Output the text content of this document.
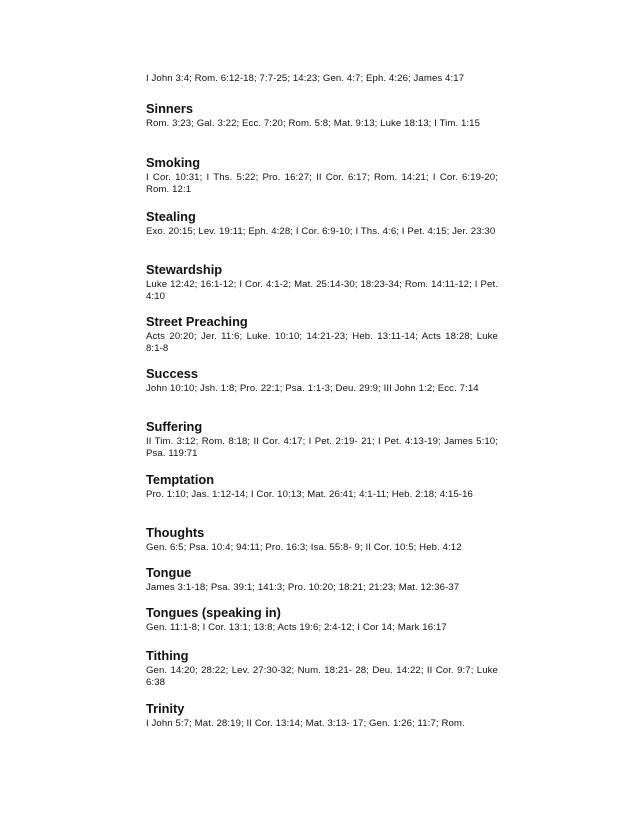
I John 3:4; Rom. 6:12-18; 7:7-25; 14:23; Gen. 4:7; Eph. 4:26; James 4:17
Sinners
Rom. 3:23; Gal. 3:22; Ecc. 7:20; Rom. 5:8; Mat. 9:13; Luke 18:13; I Tim. 1:15
Smoking
I Cor. 10:31; I Ths. 5:22; Pro. 16:27; II Cor. 6:17; Rom. 14:21; I Cor. 6:19-20; Rom. 12:1
Stealing
Exo. 20:15; Lev. 19:11; Eph. 4:28; I Cor. 6:9-10; I Ths. 4:6; I Pet. 4:15; Jer. 23:30
Stewardship
Luke 12:42; 16:1-12; I Cor. 4:1-2; Mat. 25:14-30; 18:23-34; Rom. 14:11-12; I Pet. 4:10
Street Preaching
Acts 20:20; Jer. 11:6; Luke. 10:10; 14:21-23; Heb. 13:11-14; Acts 18:28; Luke 8:1-8
Success
John 10:10; Jsh. 1:8; Pro. 22:1; Psa. 1:1-3; Deu. 29:9; III John 1:2; Ecc. 7:14
Suffering
II Tim. 3:12; Rom. 8:18; II Cor. 4:17; I Pet. 2:19- 21; I Pet. 4:13-19; James 5:10; Psa. 119:71
Temptation
Pro. 1:10; Jas. 1:12-14; I Cor. 10:13; Mat. 26:41; 4:1-11; Heb. 2:18; 4:15-16
Thoughts
Gen. 6:5; Psa. 10:4; 94:11; Pro. 16:3; Isa. 55:8- 9; II Cor. 10:5; Heb. 4:12
Tongue
James 3:1-18; Psa. 39:1; 141:3; Pro. 10:20; 18:21; 21:23; Mat. 12:36-37
Tongues (speaking in)
Gen. 11:1-8; I Cor. 13:1; 13:8; Acts 19:6; 2:4-12; I Cor 14; Mark 16:17
Tithing
Gen. 14:20; 28:22; Lev. 27:30-32; Num. 18:21- 28; Deu. 14:22; II Cor. 9:7; Luke 6:38
Trinity
I John 5:7; Mat. 28:19; II Cor. 13:14; Mat. 3:13- 17; Gen. 1:26; 11:7; Rom.
